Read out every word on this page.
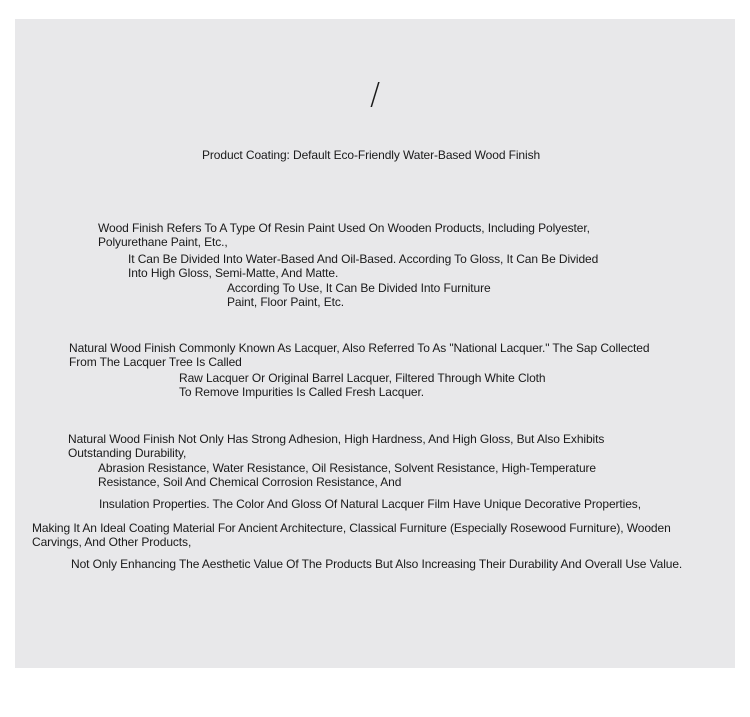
/

Product Coating: Default Eco-Friendly Water-Based Wood Finish

Wood Finish Refers To A Type Of Resin Paint Used On Wooden Products, Including Polyester, Polyurethane Paint, Etc.,

It Can Be Divided Into Water-Based And Oil-Based. According To Gloss, It Can Be Divided Into High Gloss, Semi-Matte, And Matte.

According To Use, It Can Be Divided Into Furniture Paint, Floor Paint, Etc.

Natural Wood Finish Commonly Known As Lacquer, Also Referred To As "National Lacquer." The Sap Collected From The Lacquer Tree Is Called

Raw Lacquer Or Original Barrel Lacquer, Filtered Through White Cloth To Remove Impurities Is Called Fresh Lacquer.

Natural Wood Finish Not Only Has Strong Adhesion, High Hardness, And High Gloss, But Also Exhibits Outstanding Durability,

Abrasion Resistance, Water Resistance, Oil Resistance, Solvent Resistance, High-Temperature Resistance, Soil And Chemical Corrosion Resistance, And

Insulation Properties. The Color And Gloss Of Natural Lacquer Film Have Unique Decorative Properties,

Making It An Ideal Coating Material For Ancient Architecture, Classical Furniture (Especially Rosewood Furniture), Wooden Carvings, And Other Products,

Not Only Enhancing The Aesthetic Value Of The Products But Also Increasing Their Durability And Overall Use Value.
